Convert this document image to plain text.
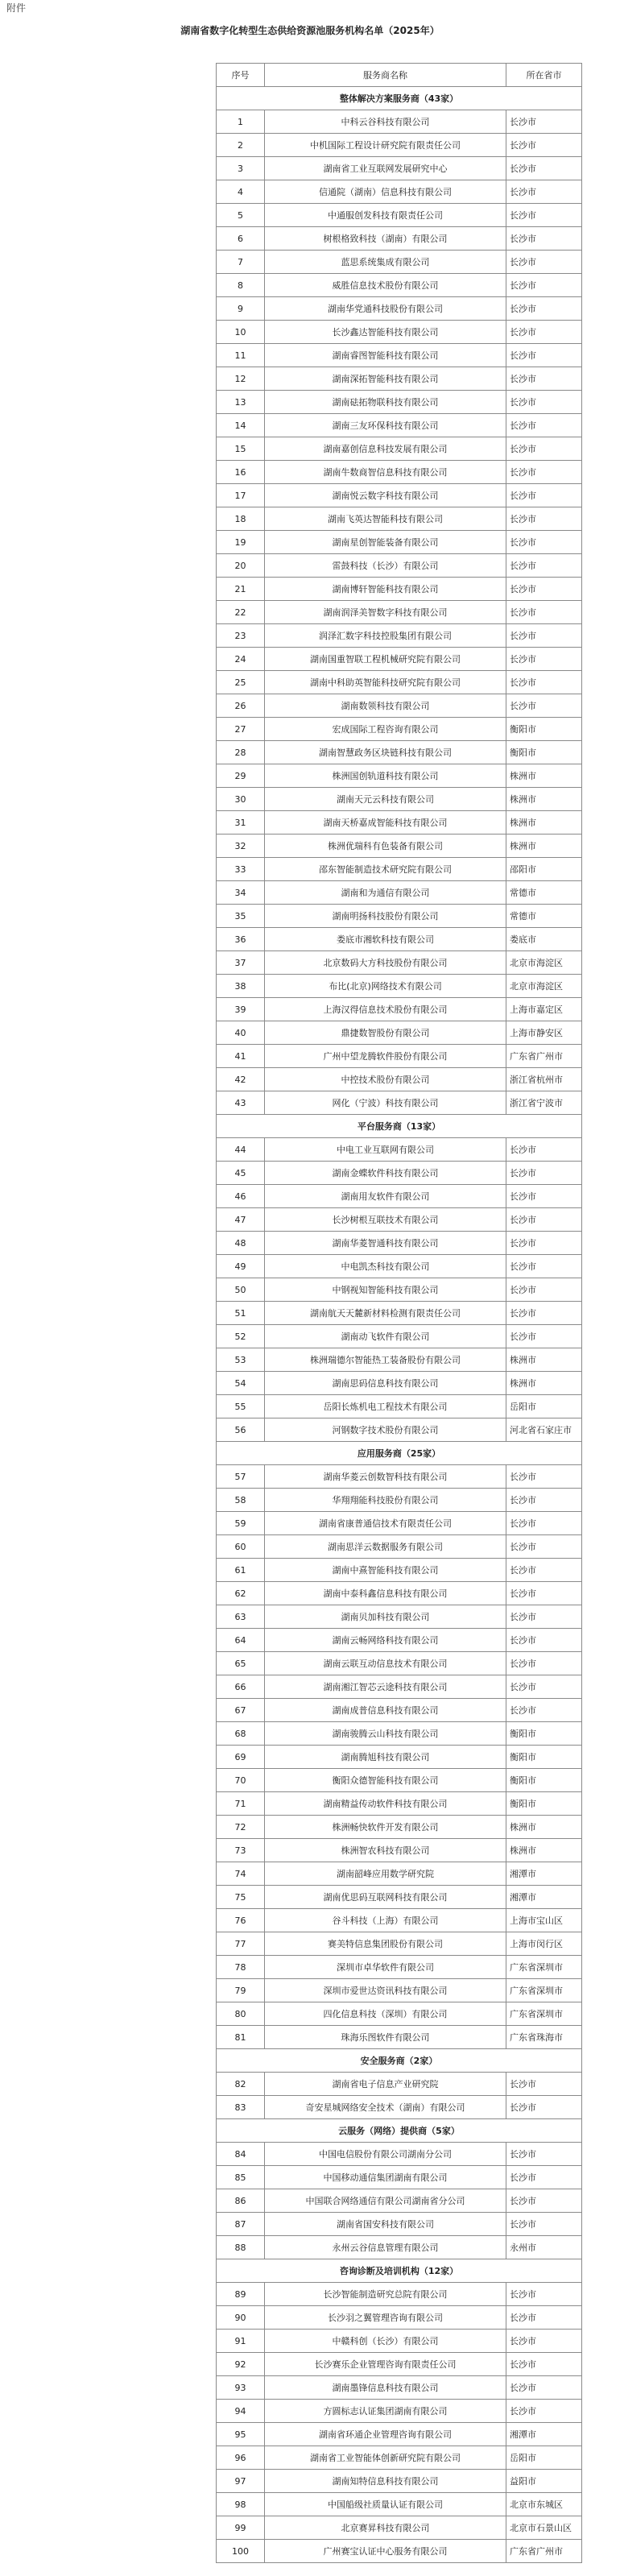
附件
湖南省数字化转型生态供给资源池服务机构名单（2025年）
序号	服务商名称	所在省市
整体解决方案服务商（43家）		
1	中科云谷科技有限公司	长沙市
2	中机国际工程设计研究院有限责任公司	长沙市
3	湖南省工业互联网发展研究中心	长沙市
4	信通院（湖南）信息科技有限公司	长沙市
5	中通服创发科技有限责任公司	长沙市
6	树根格致科技（湖南）有限公司	长沙市
7	蓝思系统集成有限公司	长沙市
8	威胜信息技术股份有限公司	长沙市
9	湖南华党通科技股份有限公司	长沙市
10	长沙鑫达智能科技有限公司	长沙市
11	湖南睿图智能科技有限公司	长沙市
12	湖南深拓智能科技有限公司	长沙市
13	湖南砝拓物联科技有限公司	长沙市
14	湖南三友环保科技有限公司	长沙市
15	湖南嘉创信息科技发展有限公司	长沙市
16	湖南牛数商智信息科技有限公司	长沙市
17	湖南悦云数字科技有限公司	长沙市
18	湖南飞英达智能科技有限公司	长沙市
19	湖南星创智能装备有限公司	长沙市
20	雷鼓科技（长沙）有限公司	长沙市
21	湖南博轩智能科技有限公司	长沙市
22	湖南润泽美智数字科技有限公司	长沙市
23	润泽汇数字科技控股集团有限公司	长沙市
24	湖南国重智联工程机械研究院有限公司	长沙市
25	湖南中科助英智能科技研究院有限公司	长沙市
26	湖南数领科技有限公司	长沙市
27	宏成国际工程咨询有限公司	衡阳市
28	湖南智慧政务区块链科技有限公司	衡阳市
29	株洲国创轨道科技有限公司	株洲市
30	湖南天元云科技有限公司	株洲市
31	湖南天桥嘉成智能科技有限公司	株洲市
32	株洲优瑞科有色装备有限公司	株洲市
33	邵东智能制造技术研究院有限公司	邵阳市
34	湖南和为通信有限公司	常德市
35	湖南明扬科技股份有限公司	常德市
36	娄底市湘软科技有限公司	娄底市
37	北京数码大方科技股份有限公司	北京市海淀区
38	布比(北京)网络技术有限公司	北京市海淀区
39	上海汉得信息技术股份有限公司	上海市嘉定区
40	鼎捷数智股份有限公司	上海市静安区
41	广州中望龙腾软件股份有限公司	广东省广州市
42	中控技术股份有限公司	浙江省杭州市
43	网化（宁波）科技有限公司	浙江省宁波市
平台服务商（13家）		
44	中电工业互联网有限公司	长沙市
45	湖南金蝶软件科技有限公司	长沙市
46	湖南用友软件有限公司	长沙市
47	长沙树根互联技术有限公司	长沙市
48	湖南华菱智通科技有限公司	长沙市
49	中电凯杰科技有限公司	长沙市
50	中钢视知智能科技有限公司	长沙市
51	湖南航天天麓新材料检测有限责任公司	长沙市
52	湖南动飞软件有限公司	长沙市
53	株洲瑞德尔智能热工装备股份有限公司	株洲市
54	湖南思码信息科技有限公司	株洲市
55	岳阳长炼机电工程技术有限公司	岳阳市
56	河钢数字技术股份有限公司	河北省石家庄市
应用服务商（25家）		
57	湖南华菱云创数智科技有限公司	长沙市
58	华翔翔能科技股份有限公司	长沙市
59	湖南省康普通信技术有限责任公司	长沙市
60	湖南思洋云数据服务有限公司	长沙市
61	湖南中熹智能科技有限公司	长沙市
62	湖南中泰科鑫信息科技有限公司	长沙市
63	湖南贝加科技有限公司	长沙市
64	湖南云畅网络科技有限公司	长沙市
65	湖南云联互动信息技术有限公司	长沙市
66	湖南湘江智芯云途科技有限公司	长沙市
67	湖南成普信息科技有限公司	长沙市
68	湖南骏腾云山科技有限公司	衡阳市
69	湖南腾旭科技有限公司	衡阳市
70	衡阳众德智能科技有限公司	衡阳市
71	湖南精益传动软件科技有限公司	衡阳市
72	株洲畅快软件开发有限公司	株洲市
73	株洲智农科技有限公司	株洲市
74	湖南韶峰应用数学研究院	湘潭市
75	湖南优思码互联网科技有限公司	湘潭市
76	谷斗科技（上海）有限公司	上海市宝山区
77	赛美特信息集团股份有限公司	上海市闵行区
78	深圳市卓华软件有限公司	广东省深圳市
79	深圳市爱世达资讯科技有限公司	广东省深圳市
80	四化信息科技（深圳）有限公司	广东省深圳市
81	珠海乐图软件有限公司	广东省珠海市
安全服务商（2家）		
82	湖南省电子信息产业研究院	长沙市
83	奇安星城网络安全技术（湖南）有限公司	长沙市
云服务（网络）提供商（5家）		
84	中国电信股份有限公司湖南分公司	长沙市
85	中国移动通信集团湖南有限公司	长沙市
86	中国联合网络通信有限公司湖南省分公司	长沙市
87	湖南省国安科技有限公司	长沙市
88	永州云谷信息管理有限公司	永州市
咨询诊断及培训机构（12家）		
89	长沙智能制造研究总院有限公司	长沙市
90	长沙羽之翼管理咨询有限公司	长沙市
91	中赣科创（长沙）有限公司	长沙市
92	长沙赛乐企业管理咨询有限责任公司	长沙市
93	湖南墨锋信息科技有限公司	长沙市
94	方圆标志认证集团湖南有限公司	长沙市
95	湖南省环通企业管理咨询有限公司	湘潭市
96	湖南省工业智能体创新研究院有限公司	岳阳市
97	湖南知特信息科技有限公司	益阳市
98	中国船级社质量认证有限公司	北京市东城区
99	北京赛昇科技有限公司	北京市石景山区
100	广州赛宝认证中心服务有限公司	广东省广州市
